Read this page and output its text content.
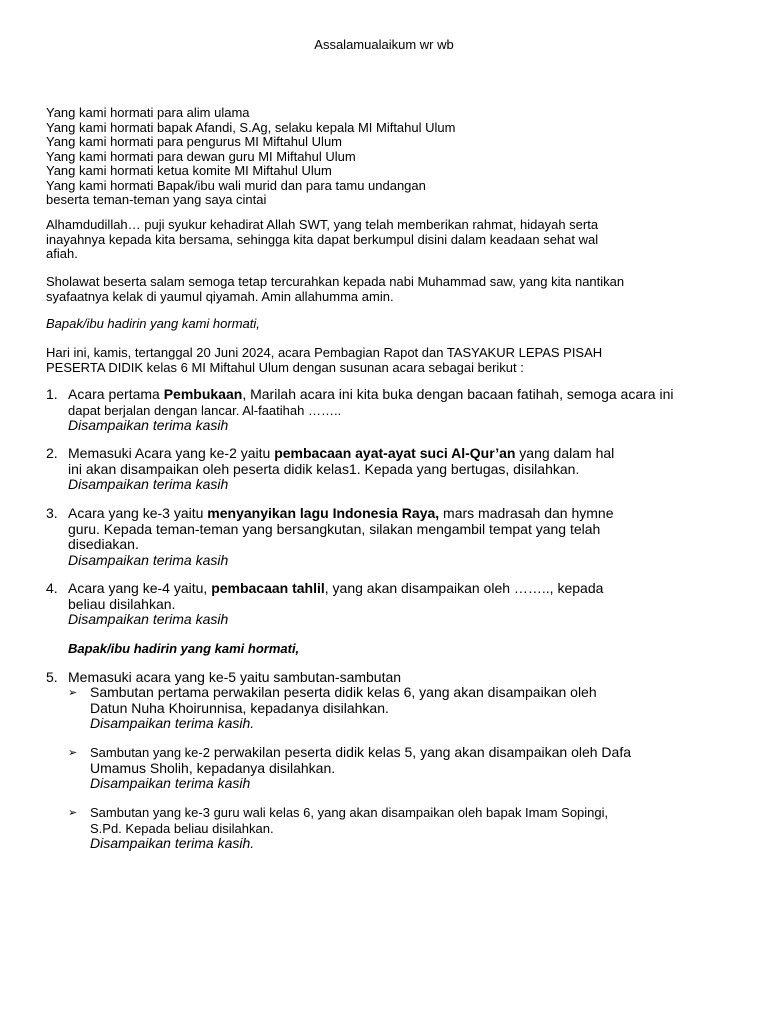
Assalamualaikum wr wb
Yang kami hormati para alim ulama
Yang kami hormati bapak Afandi, S.Ag, selaku kepala MI Miftahul Ulum
Yang kami hormati para pengurus MI Miftahul Ulum
Yang kami hormati para dewan guru MI Miftahul Ulum
Yang kami hormati ketua komite MI Miftahul Ulum
Yang kami hormati Bapak/ibu wali murid dan para tamu undangan
beserta teman-teman yang saya cintai
Alhamdudillah… puji syukur kehadirat Allah SWT, yang telah memberikan rahmat, hidayah serta
inayahnya kepada kita bersama, sehingga kita dapat berkumpul disini dalam keadaan sehat wal
afiah.
Sholawat beserta salam semoga tetap tercurahkan kepada nabi Muhammad saw, yang kita nantikan
syafaatnya kelak di yaumul qiyamah. Amin allahumma amin.
Bapak/ibu hadirin yang kami hormati,
Hari ini, kamis, tertanggal 20 Juni 2024, acara Pembagian Rapot dan TASYAKUR LEPAS PISAH
PESERTA DIDIK kelas 6 MI Miftahul Ulum dengan susunan acara sebagai berikut :
1. Acara pertama Pembukaan, Marilah acara ini kita buka dengan bacaan fatihah, semoga acara ini
dapat berjalan dengan lancar. Al-faatihah ……..
Disampaikan terima kasih
2. Memasuki Acara yang ke-2 yaitu pembacaan ayat-ayat suci Al-Qur’an yang dalam hal
ini akan disampaikan oleh peserta didik kelas1. Kepada yang bertugas, disilahkan.
Disampaikan terima kasih
3. Acara yang ke-3 yaitu menyanyikan lagu Indonesia Raya, mars madrasah dan hymne
guru. Kepada teman-teman yang bersangkutan, silakan mengambil tempat yang telah
disediakan.
Disampaikan terima kasih
4. Acara yang ke-4 yaitu, pembacaan tahlil, yang akan disampaikan oleh …….., kepada
beliau disilahkan.
Disampaikan terima kasih
Bapak/ibu hadirin yang kami hormati,
5. Memasuki acara yang ke-5 yaitu sambutan-sambutan
➢ Sambutan pertama perwakilan peserta didik kelas 6, yang akan disampaikan oleh
Datun Nuha Khoirunnisa, kepadanya disilahkan.
Disampaikan terima kasih.
➢ Sambutan yang ke-2 perwakilan peserta didik kelas 5, yang akan disampaikan oleh Dafa
Umamus Sholih, kepadanya disilahkan.
Disampaikan terima kasih
➢ Sambutan yang ke-3 guru wali kelas 6, yang akan disampaikan oleh bapak Imam Sopingi,
S.Pd. Kepada beliau disilahkan.
Disampaikan terima kasih.
